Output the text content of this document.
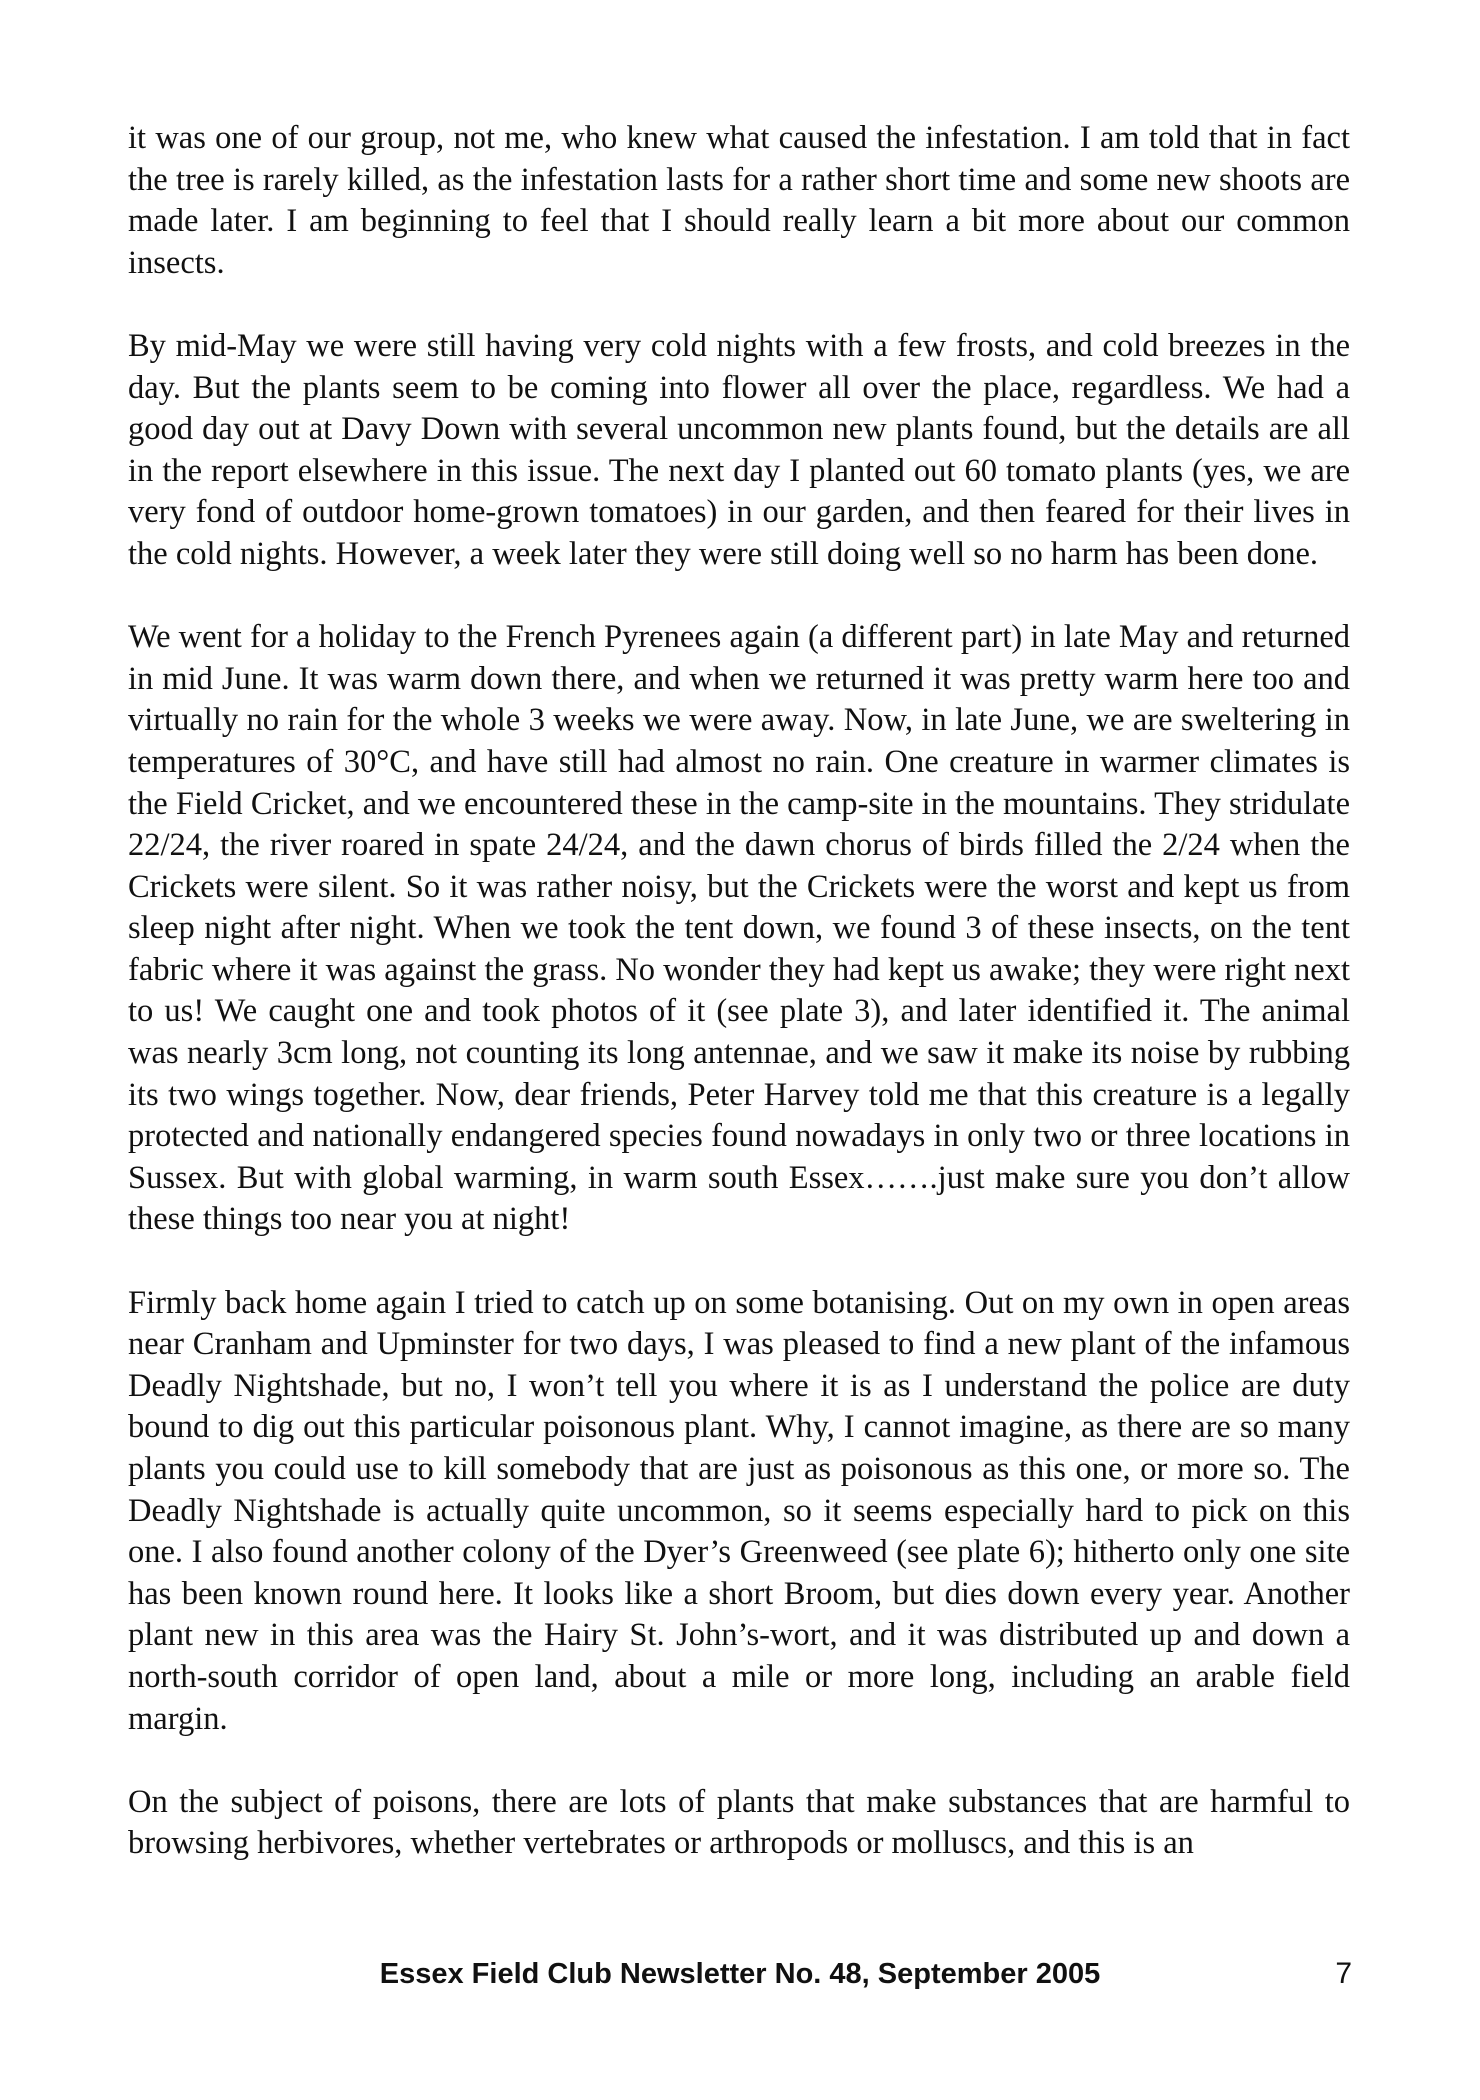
it was one of our group, not me, who knew what caused the infestation. I am told that in fact the tree is rarely killed, as the infestation lasts for a rather short time and some new shoots are made later. I am beginning to feel that I should really learn a bit more about our common insects.

By mid-May we were still having very cold nights with a few frosts, and cold breezes in the day. But the plants seem to be coming into flower all over the place, regardless. We had a good day out at Davy Down with several uncommon new plants found, but the details are all in the report elsewhere in this issue. The next day I planted out 60 tomato plants (yes, we are very fond of outdoor home-grown tomatoes) in our garden, and then feared for their lives in the cold nights. However, a week later they were still doing well so no harm has been done.

We went for a holiday to the French Pyrenees again (a different part) in late May and returned in mid June. It was warm down there, and when we returned it was pretty warm here too and virtually no rain for the whole 3 weeks we were away. Now, in late June, we are sweltering in temperatures of 30°C, and have still had almost no rain. One creature in warmer climates is the Field Cricket, and we encountered these in the camp-site in the mountains. They stridulate 22/24, the river roared in spate 24/24, and the dawn chorus of birds filled the 2/24 when the Crickets were silent. So it was rather noisy, but the Crickets were the worst and kept us from sleep night after night. When we took the tent down, we found 3 of these insects, on the tent fabric where it was against the grass. No wonder they had kept us awake; they were right next to us! We caught one and took photos of it (see plate 3), and later identified it. The animal was nearly 3cm long, not counting its long antennae, and we saw it make its noise by rubbing its two wings together. Now, dear friends, Peter Harvey told me that this creature is a legally protected and nationally endangered species found nowadays in only two or three locations in Sussex. But with global warming, in warm south Essex…….just make sure you don’t allow these things too near you at night!

Firmly back home again I tried to catch up on some botanising. Out on my own in open areas near Cranham and Upminster for two days, I was pleased to find a new plant of the infamous Deadly Nightshade, but no, I won’t tell you where it is as I understand the police are duty bound to dig out this particular poisonous plant. Why, I cannot imagine, as there are so many plants you could use to kill somebody that are just as poisonous as this one, or more so. The Deadly Nightshade is actually quite uncommon, so it seems especially hard to pick on this one. I also found another colony of the Dyer’s Greenweed (see plate 6); hitherto only one site has been known round here. It looks like a short Broom, but dies down every year. Another plant new in this area was the Hairy St. John’s-wort, and it was distributed up and down a north-south corridor of open land, about a mile or more long, including an arable field margin.

On the subject of poisons, there are lots of plants that make substances that are harmful to browsing herbivores, whether vertebrates or arthropods or molluscs, and this is an

Essex Field Club Newsletter No. 48, September 2005	7
